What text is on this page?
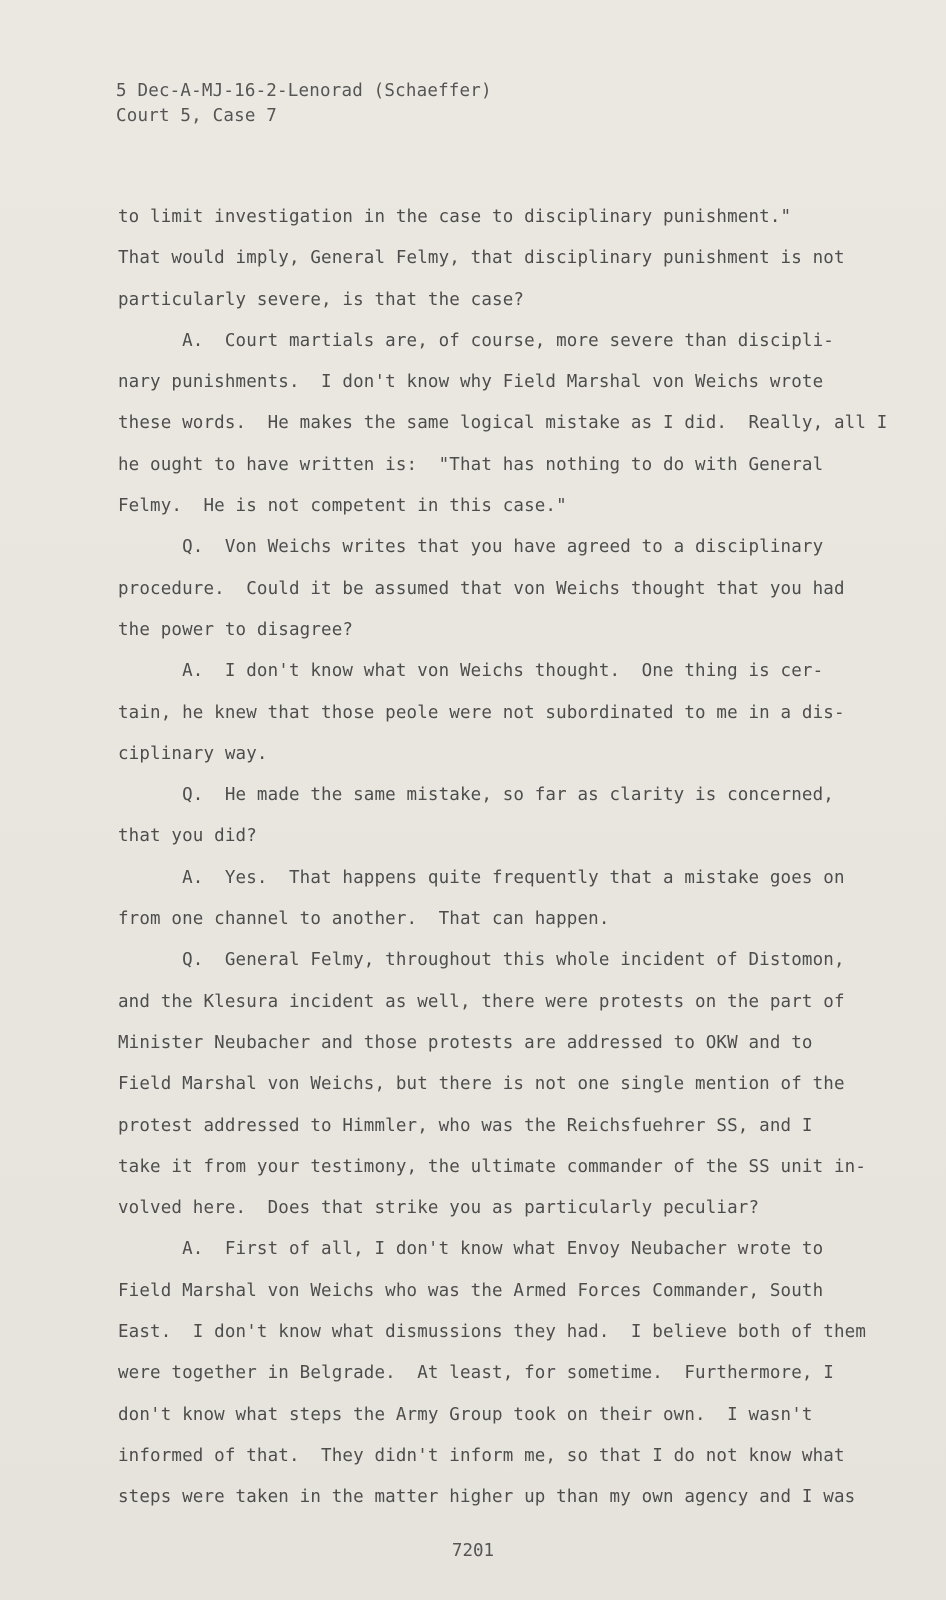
5 Dec-A-MJ-16-2-Lenorad (Schaeffer)
Court 5, Case 7
to limit investigation in the case to disciplinary punishment."
That would imply, General Felmy, that disciplinary punishment is not
particularly severe, is that the case?
A.  Court martials are, of course, more severe than discipli-
nary punishments.  I don't know why Field Marshal von Weichs wrote
these words.  He makes the same logical mistake as I did.  Really, all I
he ought to have written is:  "That has nothing to do with General
Felmy.  He is not competent in this case."
Q.  Von Weichs writes that you have agreed to a disciplinary
procedure.  Could it be assumed that von Weichs thought that you had
the power to disagree?
A.  I don't know what von Weichs thought.  One thing is cer-
tain, he knew that those peole were not subordinated to me in a dis-
ciplinary way.
Q.  He made the same mistake, so far as clarity is concerned,
that you did?
A.  Yes.  That happens quite frequently that a mistake goes on
from one channel to another.  That can happen.
Q.  General Felmy, throughout this whole incident of Distomon,
and the Klesura incident as well, there were protests on the part of
Minister Neubacher and those protests are addressed to OKW and to
Field Marshal von Weichs, but there is not one single mention of the
protest addressed to Himmler, who was the Reichsfuehrer SS, and I
take it from your testimony, the ultimate commander of the SS unit in-
volved here.  Does that strike you as particularly peculiar?
A.  First of all, I don't know what Envoy Neubacher wrote to
Field Marshal von Weichs who was the Armed Forces Commander, South
East.  I don't know what dismussions they had.  I believe both of them
were together in Belgrade.  At least, for sometime.  Furthermore, I
don't know what steps the Army Group took on their own.  I wasn't
informed of that.  They didn't inform me, so that I do not know what
steps were taken in the matter higher up than my own agency and I was
7201
